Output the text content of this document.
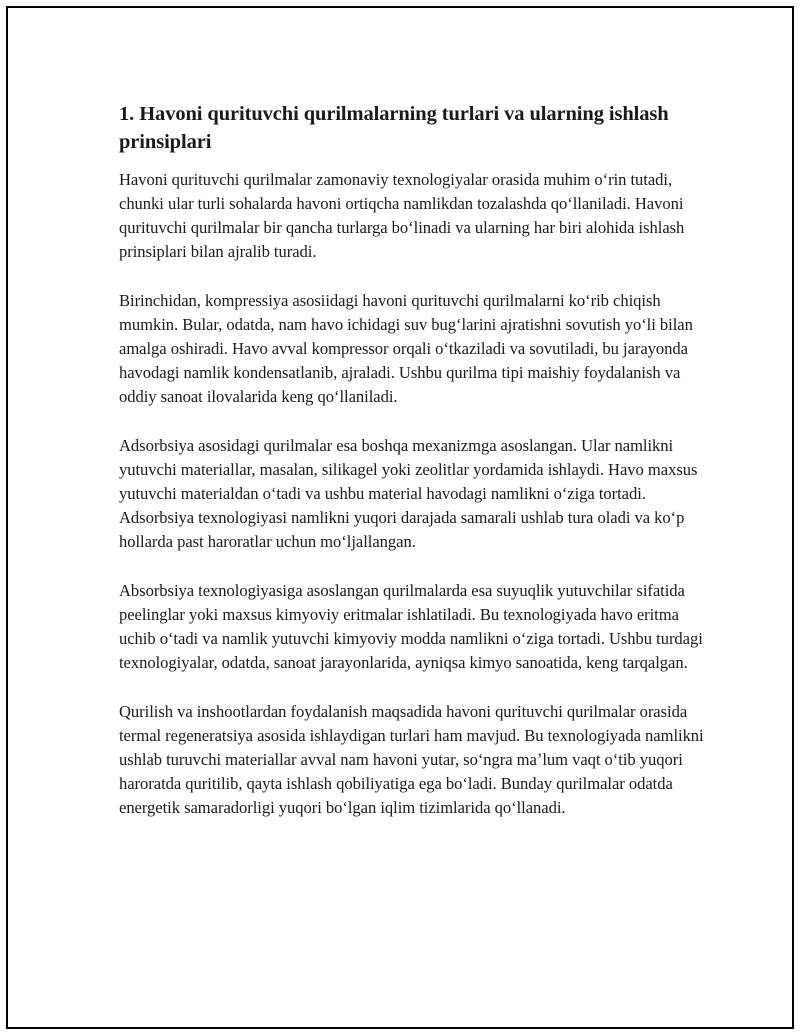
1. Havoni qurituvchi qurilmalarning turlari va ularning ishlash prinsiplari

Havoni qurituvchi qurilmalar zamonaviy texnologiyalar orasida muhim oʻrin tutadi, chunki ular turli sohalarda havoni ortiqcha namlikdan tozalashda qoʻllaniladi. Havoni qurituvchi qurilmalar bir qancha turlarga boʻlinadi va ularning har biri alohida ishlash prinsiplari bilan ajralib turadi.

Birinchidan, kompressiya asosiidagi havoni qurituvchi qurilmalarni koʻrib chiqish mumkin. Bular, odatda, nam havo ichidagi suv bugʻlarini ajratishni sovutish yoʻli bilan amalga oshiradi. Havo avval kompressor orqali oʻtkaziladi va sovutiladi, bu jarayonda havodagi namlik kondensatlanib, ajraladi. Ushbu qurilma tipi maishiy foydalanish va oddiy sanoat ilovalarida keng qoʻllaniladi.

Adsorbsiya asosidagi qurilmalar esa boshqa mexanizmga asoslangan. Ular namlikni yutuvchi materiallar, masalan, silikagel yoki zeolitlar yordamida ishlaydi. Havo maxsus yutuvchi materialdan oʻtadi va ushbu material havodagi namlikni oʻziga tortadi. Adsorbsiya texnologiyasi namlikni yuqori darajada samarali ushlab tura oladi va koʻp hollarda past haroratlar uchun moʻljallangan.

Absorbsiya texnologiyasiga asoslangan qurilmalarda esa suyuqlik yutuvchilar sifatida peelinglar yoki maxsus kimyoviy eritmalar ishlatiladi. Bu texnologiyada havo eritma uchib oʻtadi va namlik yutuvchi kimyoviy modda namlikni oʻziga tortadi. Ushbu turdagi texnologiyalar, odatda, sanoat jarayonlarida, ayniqsa kimyo sanoatida, keng tarqalgan.

Qurilish va inshootlardan foydalanish maqsadida havoni qurituvchi qurilmalar orasida termal regeneratsiya asosida ishlaydigan turlari ham mavjud. Bu texnologiyada namlikni ushlab turuvchi materiallar avval nam havoni yutar, soʻngra maʼlum vaqt oʻtib yuqori haroratda quritilib, qayta ishlash qobiliyatiga ega boʻladi. Bunday qurilmalar odatda energetik samaradorligi yuqori boʻlgan iqlim tizimlarida qoʻllanadi.
